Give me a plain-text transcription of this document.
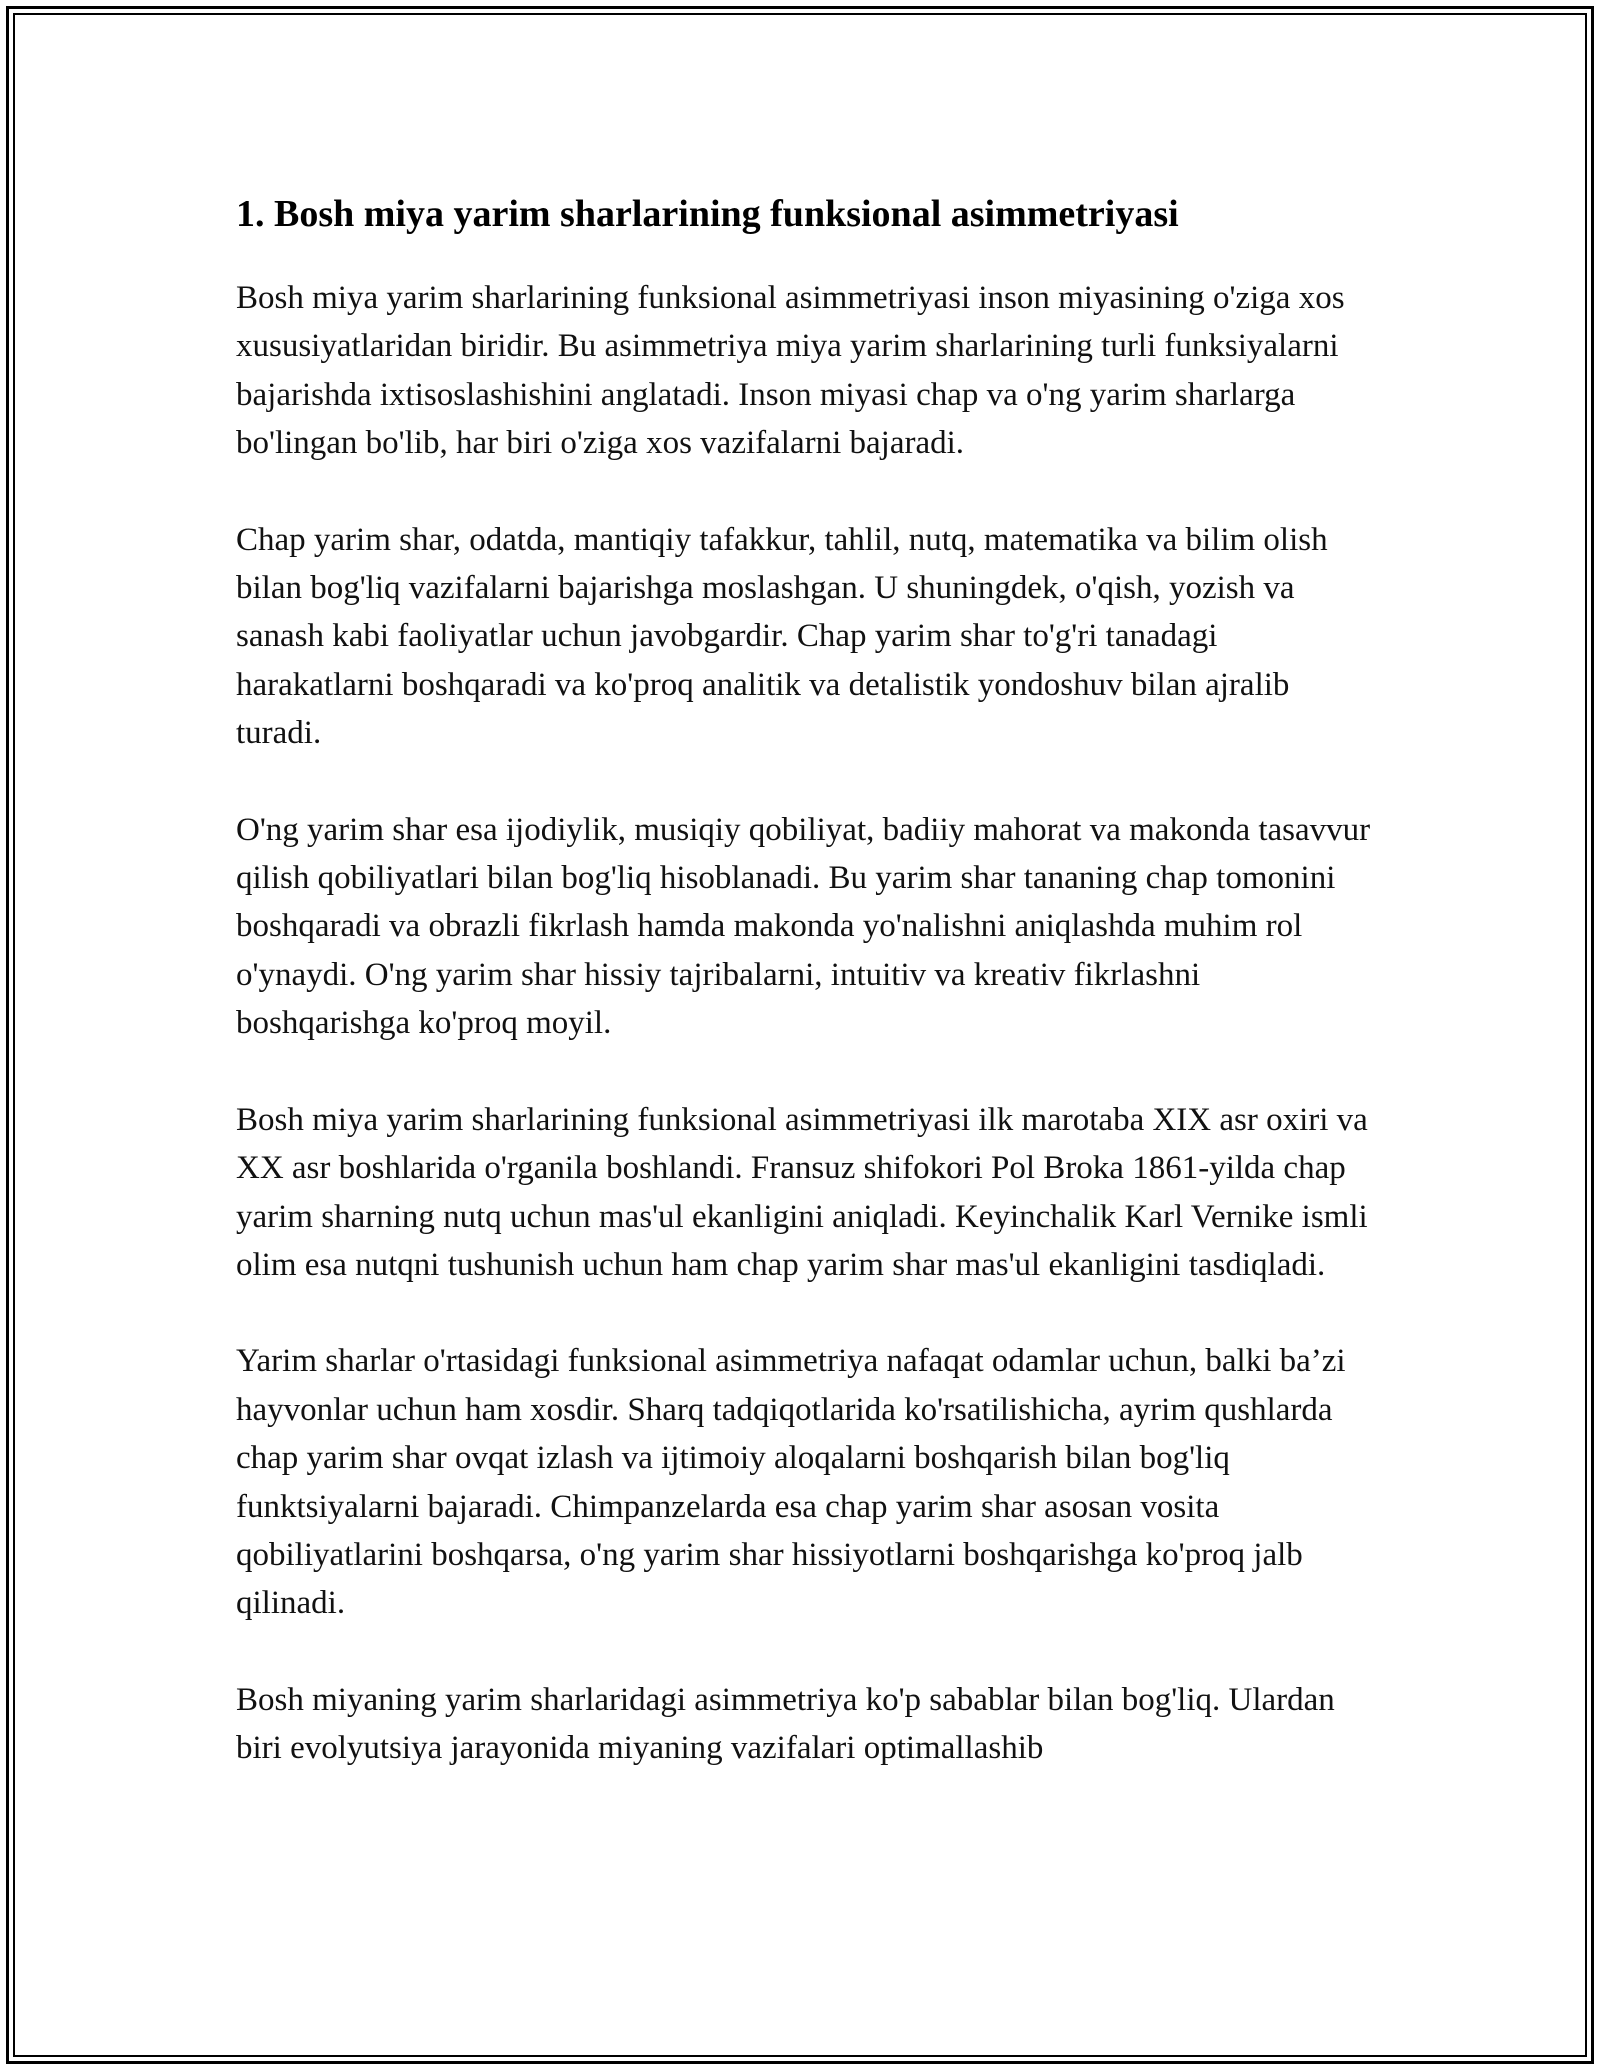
1. Bosh miya yarim sharlarining funksional asimmetriyasi

Bosh miya yarim sharlarining funksional asimmetriyasi inson miyasining o'ziga xos xususiyatlaridan biridir. Bu asimmetriya miya yarim sharlarining turli funksiyalarni bajarishda ixtisoslashishini anglatadi. Inson miyasi chap va o'ng yarim sharlarga bo'lingan bo'lib, har biri o'ziga xos vazifalarni bajaradi.

Chap yarim shar, odatda, mantiqiy tafakkur, tahlil, nutq, matematika va bilim olish bilan bog'liq vazifalarni bajarishga moslashgan. U shuningdek, o'qish, yozish va sanash kabi faoliyatlar uchun javobgardir. Chap yarim shar to'g'ri tanadagi harakatlarni boshqaradi va ko'proq analitik va detalistik yondoshuv bilan ajralib turadi.

O'ng yarim shar esa ijodiylik, musiqiy qobiliyat, badiiy mahorat va makonda tasavvur qilish qobiliyatlari bilan bog'liq hisoblanadi. Bu yarim shar tananing chap tomonini boshqaradi va obrazli fikrlash hamda makonda yo'nalishni aniqlashda muhim rol o'ynaydi. O'ng yarim shar hissiy tajribalarni, intuitiv va kreativ fikrlashni boshqarishga ko'proq moyil.

Bosh miya yarim sharlarining funksional asimmetriyasi ilk marotaba XIX asr oxiri va XX asr boshlarida o'rganila boshlandi. Fransuz shifokori Pol Broka 1861-yilda chap yarim sharning nutq uchun mas'ul ekanligini aniqladi. Keyinchalik Karl Vernike ismli olim esa nutqni tushunish uchun ham chap yarim shar mas'ul ekanligini tasdiqladi.

Yarim sharlar o'rtasidagi funksional asimmetriya nafaqat odamlar uchun, balki ba’zi hayvonlar uchun ham xosdir. Sharq tadqiqotlarida ko'rsatilishicha, ayrim qushlarda chap yarim shar ovqat izlash va ijtimoiy aloqalarni boshqarish bilan bog'liq funktsiyalarni bajaradi. Chimpanzelarda esa chap yarim shar asosan vosita qobiliyatlarini boshqarsa, o'ng yarim shar hissiyotlarni boshqarishga ko'proq jalb qilinadi.

Bosh miyaning yarim sharlaridagi asimmetriya ko'p sabablar bilan bog'liq. Ulardan biri evolyutsiya jarayonida miyaning vazifalari optimallashib
